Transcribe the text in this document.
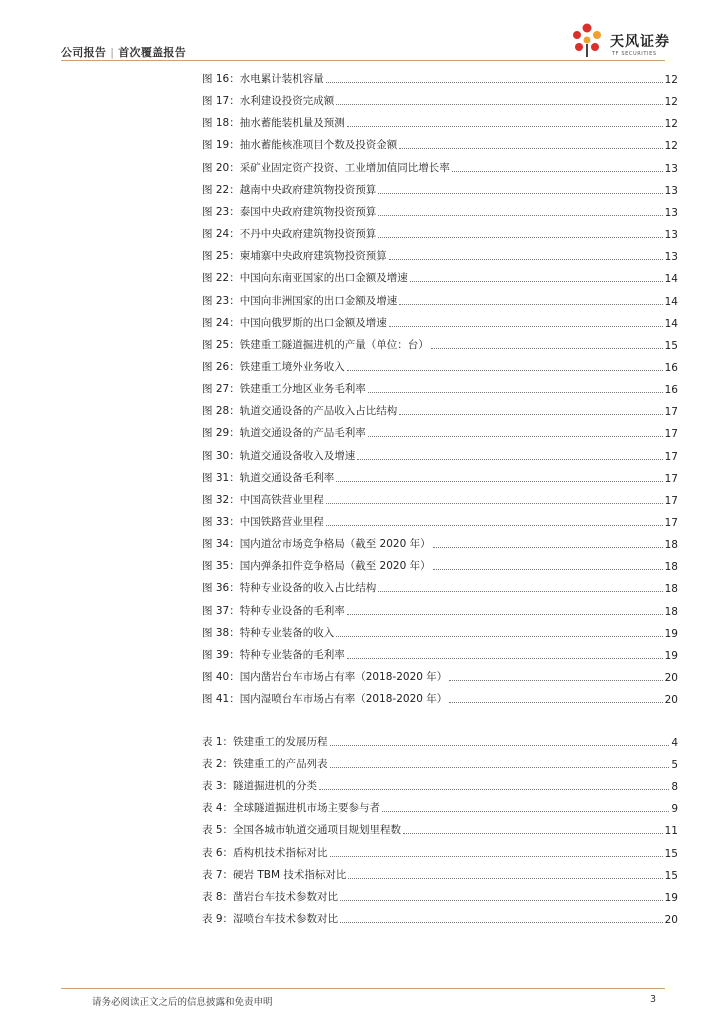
公司报告 | 首次覆盖报告
天风证券
TF SECURITIES
图 16：水电累计装机容量	12
图 17：水利建设投资完成额	12
图 18：抽水蓄能装机量及预测	12
图 19：抽水蓄能核准项目个数及投资金额	12
图 20：采矿业固定资产投资、工业增加值同比增长率	13
图 22：越南中央政府建筑物投资预算	13
图 23：泰国中央政府建筑物投资预算	13
图 24：不丹中央政府建筑物投资预算	13
图 25：柬埔寨中央政府建筑物投资预算	13
图 22：中国向东南亚国家的出口金额及增速	14
图 23：中国向非洲国家的出口金额及增速	14
图 24：中国向俄罗斯的出口金额及增速	14
图 25：铁建重工隧道掘进机的产量（单位：台）	15
图 26：铁建重工境外业务收入	16
图 27：铁建重工分地区业务毛利率	16
图 28：轨道交通设备的产品收入占比结构	17
图 29：轨道交通设备的产品毛利率	17
图 30：轨道交通设备收入及增速	17
图 31：轨道交通设备毛利率	17
图 32：中国高铁营业里程	17
图 33：中国铁路营业里程	17
图 34：国内道岔市场竞争格局（截至 2020 年）	18
图 35：国内弹条扣件竞争格局（截至 2020 年）	18
图 36：特种专业设备的收入占比结构	18
图 37：特种专业设备的毛利率	18
图 38：特种专业装备的收入	19
图 39：特种专业装备的毛利率	19
图 40：国内凿岩台车市场占有率（2018-2020 年）	20
图 41：国内湿喷台车市场占有率（2018-2020 年）	20
表 1：铁建重工的发展历程	4
表 2：铁建重工的产品列表	5
表 3：隧道掘进机的分类	8
表 4：全球隧道掘进机市场主要参与者	9
表 5：全国各城市轨道交通项目规划里程数	11
表 6：盾构机技术指标对比	15
表 7：硬岩 TBM 技术指标对比	15
表 8：凿岩台车技术参数对比	19
表 9：湿喷台车技术参数对比	20
请务必阅读正文之后的信息披露和免责申明	3
